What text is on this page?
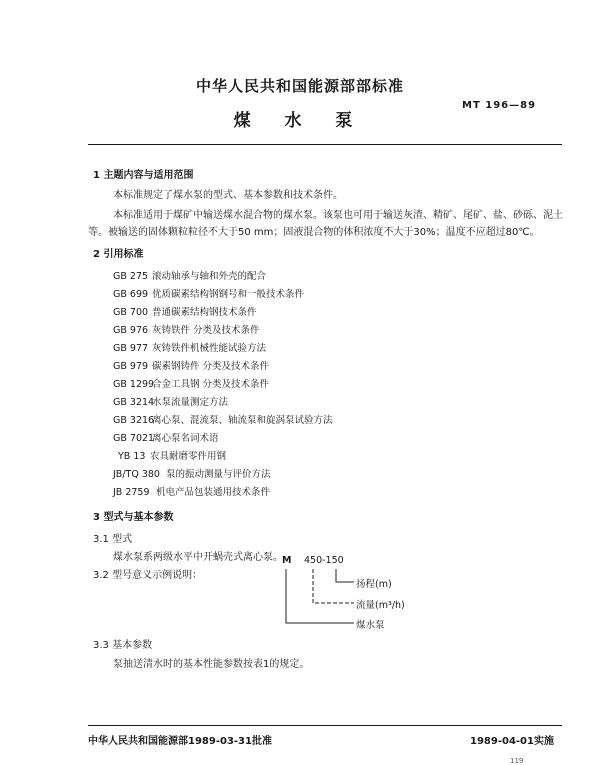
中华人民共和国能源部部标准
煤 水 泵
MT 196—89
1 主题内容与适用范围
本标准规定了煤水泵的型式、基本参数和技术条件。
本标准适用于煤矿中输送煤水混合物的煤水泵。该泵也可用于输送灰渣、精矿、尾矿、盐、砂砾、泥土
等。被输送的固体颗粒粒径不大于50 mm；固液混合物的体积浓度不大于30%；温度不应超过80℃。
2 引用标准
GB 275 滚动轴承与轴和外壳的配合
GB 699 优质碳素结构钢钢号和一般技术条件
GB 700 普通碳素结构钢技术条件
GB 976 灰铸铁件 分类及技术条件
GB 977 灰铸铁件机械性能试验方法
GB 979 碳素钢铸件 分类及技术条件
GB 1299 合金工具钢 分类及技术条件
GB 3214 水泵流量测定方法
GB 3216 离心泵、混流泵、轴流泵和旋涡泵试验方法
GB 7021 离心泵名词术语
YB 13 农具耐磨零件用钢
JB/TQ 380 泵的振动测量与评价方法
JB 2759 机电产品包装通用技术条件
3 型式与基本参数
3.1 型式
煤水泵系两级水平中开蜗壳式离心泵。
3.2 型号意义示例说明：
M 450-150
扬程(m)
流量(m³/h)
煤水泵
3.3 基本参数
泵抽送清水时的基本性能参数按表1的规定。
中华人民共和国能源部1989-03-31批准	1989-04-01实施
119
